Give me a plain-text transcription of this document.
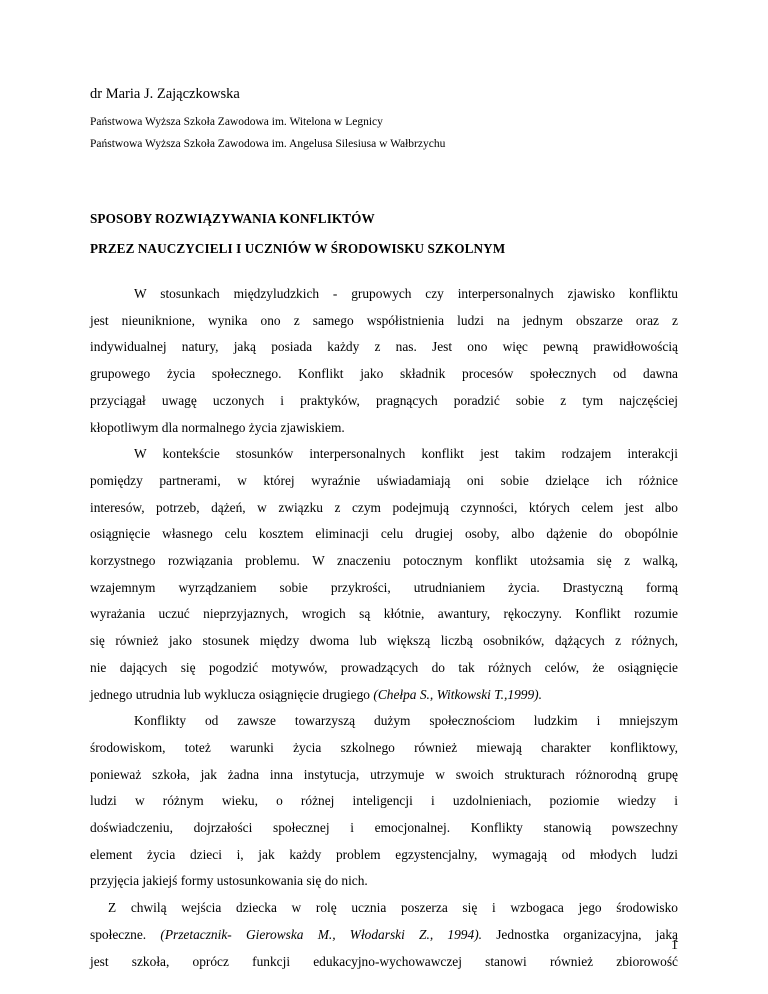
dr Maria J. Zajączkowska
Państwowa Wyższa Szkoła Zawodowa im. Witelona w Legnicy
Państwowa Wyższa Szkoła Zawodowa im. Angelusa Silesiusa w Wałbrzychu
SPOSOBY ROZWIĄZYWANIA KONFLIKTÓW
PRZEZ NAUCZYCIELI I UCZNIÓW W ŚRODOWISKU SZKOLNYM
W stosunkach międzyludzkich - grupowych czy interpersonalnych zjawisko konfliktu
jest nieuniknione, wynika ono z samego współistnienia ludzi na jednym obszarze oraz z
indywidualnej natury, jaką posiada każdy z nas. Jest ono więc pewną prawidłowością
grupowego życia społecznego. Konflikt jako składnik procesów społecznych od dawna
przyciągał uwagę uczonych i praktyków, pragnących poradzić sobie z tym najczęściej
kłopotliwym dla normalnego życia zjawiskiem.
W kontekście stosunków interpersonalnych konflikt jest takim rodzajem interakcji
pomiędzy partnerami, w której wyraźnie uświadamiają oni sobie dzielące ich różnice
interesów, potrzeb, dążeń, w związku z czym podejmują czynności, których celem jest albo
osiągnięcie własnego celu kosztem eliminacji celu drugiej osoby, albo dążenie do obopólnie
korzystnego rozwiązania problemu. W znaczeniu potocznym konflikt utożsamia się z walką,
wzajemnym wyrządzaniem sobie przykrości, utrudnianiem życia. Drastyczną formą
wyrażania uczuć nieprzyjaznych, wrogich są kłótnie, awantury, rękoczyny. Konflikt rozumie
się również jako stosunek między dwoma lub większą liczbą osobników, dążących z różnych,
nie dających się pogodzić motywów, prowadzących do tak różnych celów, że osiągnięcie
jednego utrudnia lub wyklucza osiągnięcie drugiego (Chełpa S., Witkowski T.,1999).
Konflikty od zawsze towarzyszą dużym społecznościom ludzkim i mniejszym
środowiskom, toteż warunki życia szkolnego również miewają charakter konfliktowy,
ponieważ szkoła, jak żadna inna instytucja, utrzymuje w swoich strukturach różnorodną grupę
ludzi w różnym wieku, o różnej inteligencji i uzdolnieniach, poziomie wiedzy i
doświadczeniu, dojrzałości społecznej i emocjonalnej. Konflikty stanowią powszechny
element życia dzieci i, jak każdy problem egzystencjalny, wymagają od młodych ludzi
przyjęcia jakiejś formy ustosunkowania się do nich.
Z chwilą wejścia dziecka w rolę ucznia poszerza się i wzbogaca jego środowisko
społeczne. (Przetacznik- Gierowska M., Włodarski Z., 1994). Jednostka organizacyjna, jaką
jest szkoła, oprócz funkcji edukacyjno-wychowawczej stanowi również zbiorowość
1
